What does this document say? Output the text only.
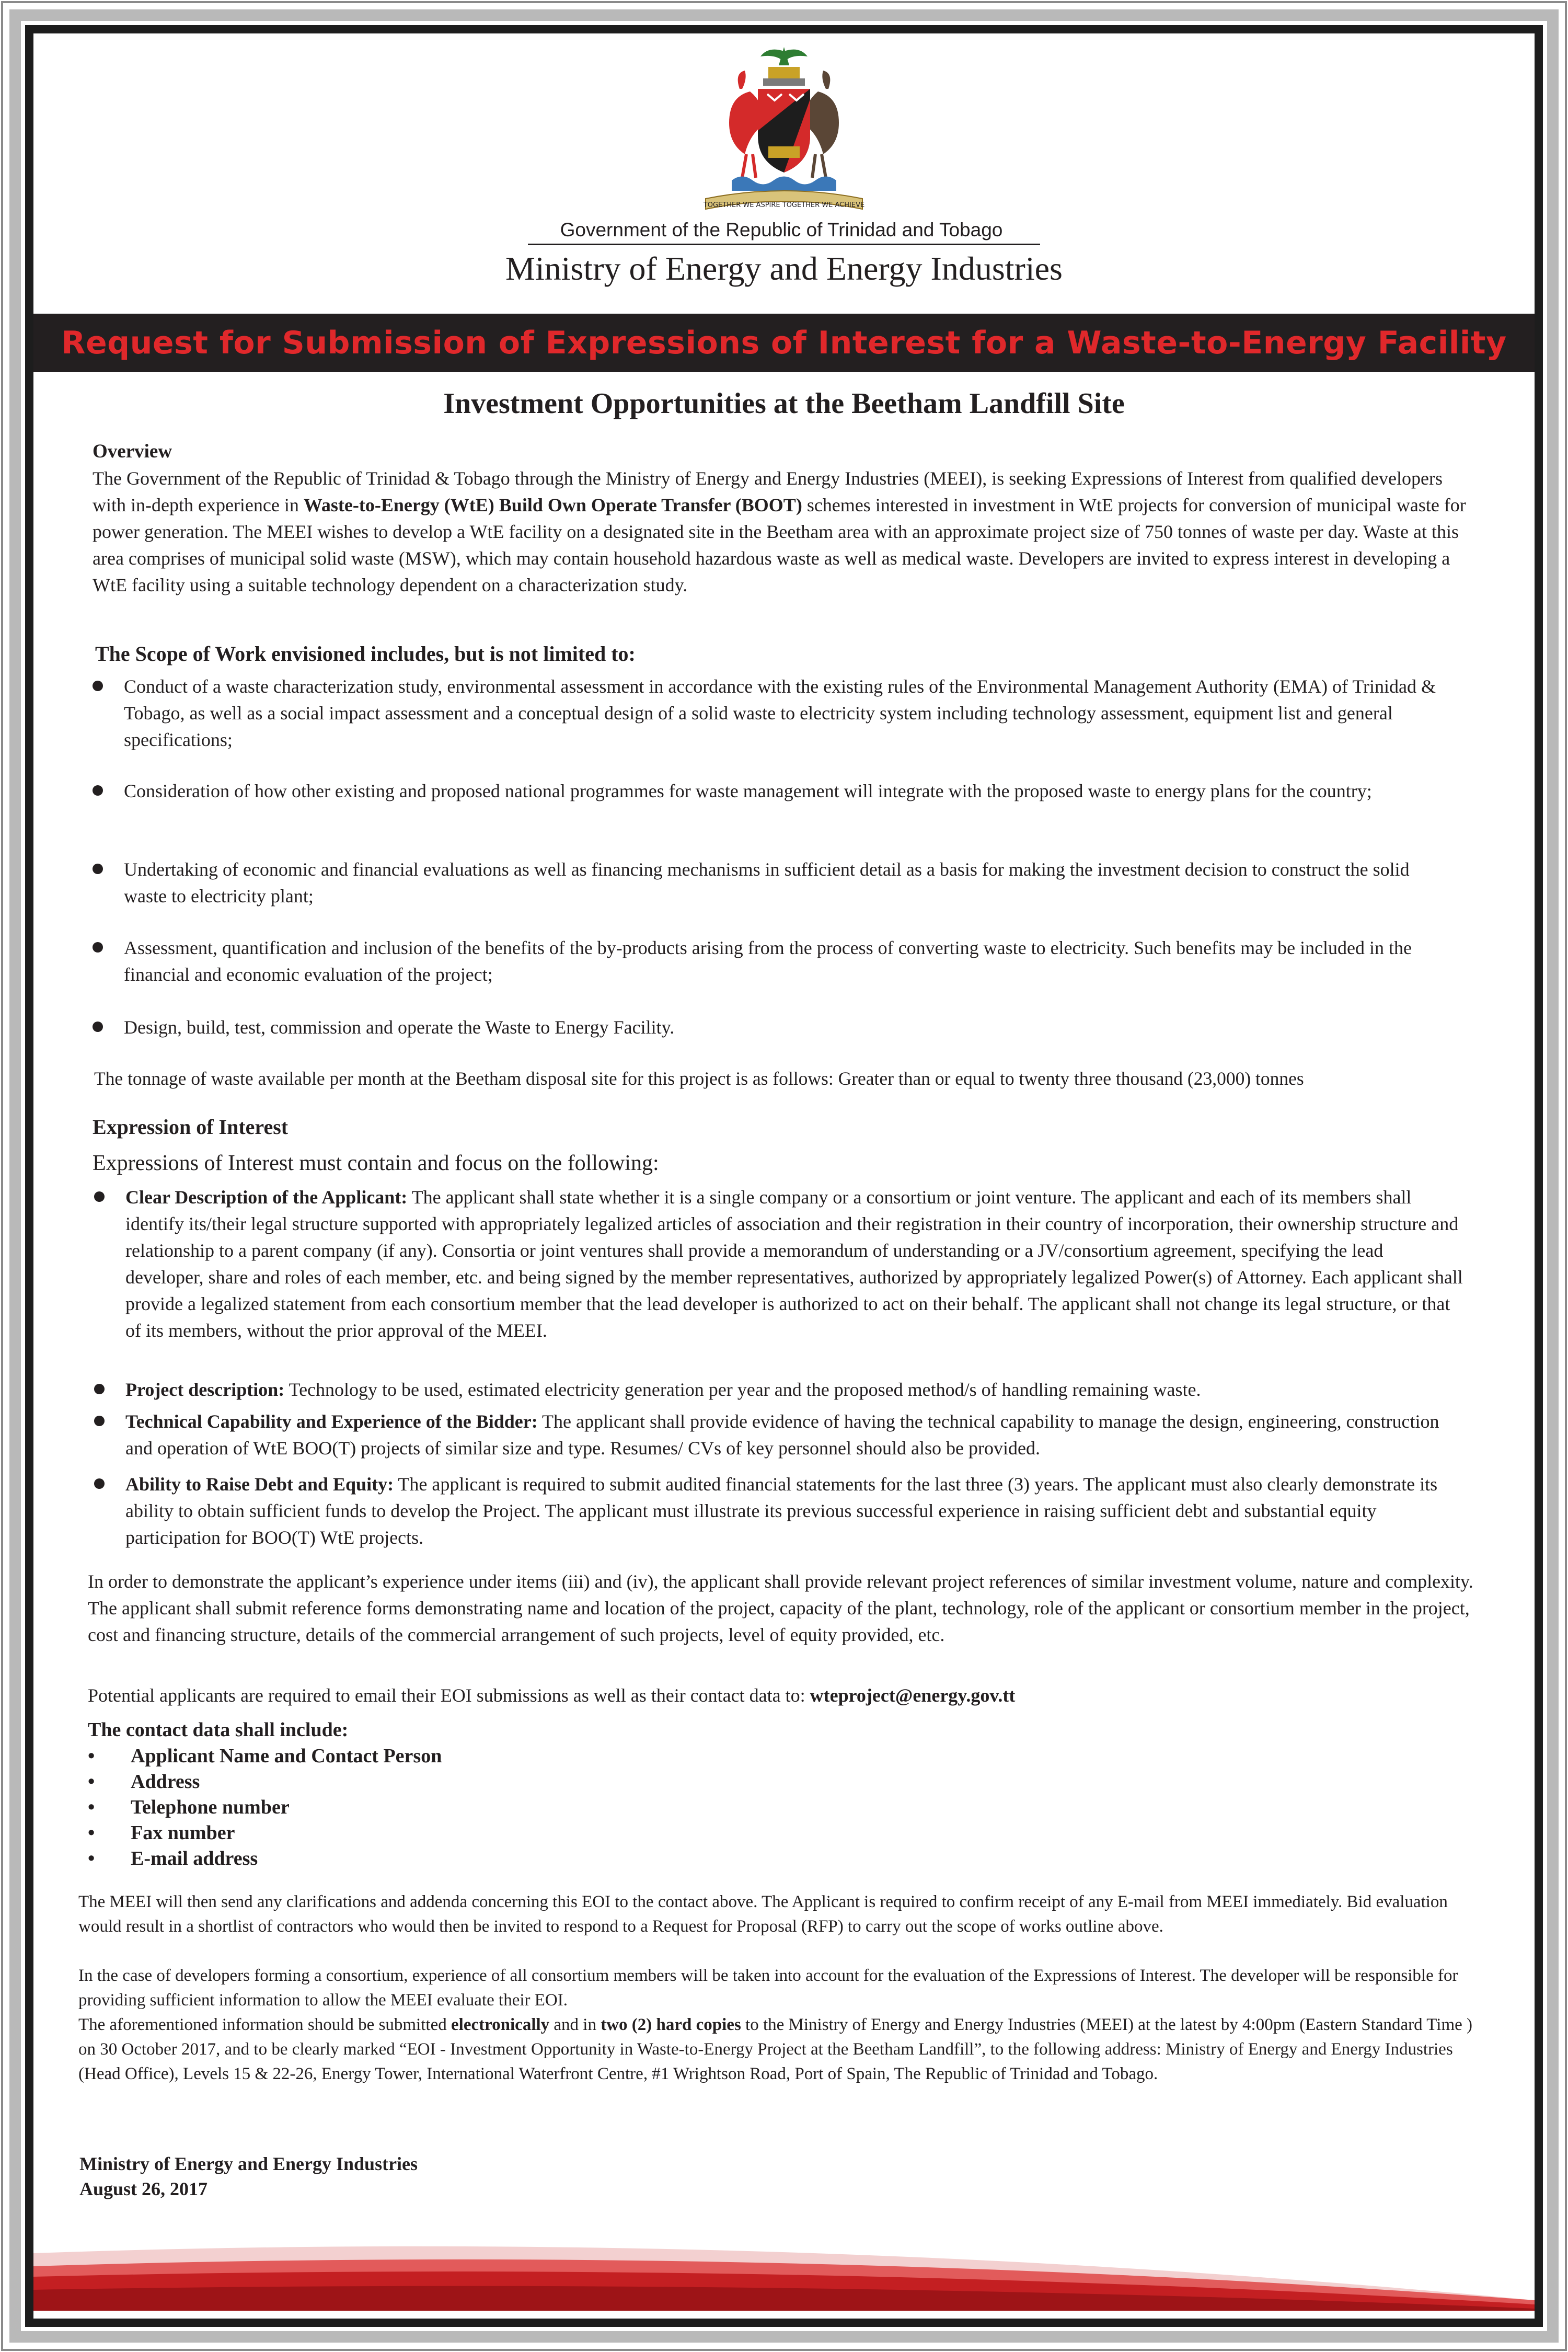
TOGETHER WE ASPIRE TOGETHER WE ACHIEVE
Government of the Republic of Trinidad and Tobago
Ministry of Energy and Energy Industries
Request for Submission of Expressions of Interest for a Waste-to-Energy Facility
Investment Opportunities at the Beetham Landfill Site
Overview
The Government of the Republic of Trinidad & Tobago through the Ministry of Energy and Energy Industries (MEEI), is seeking Expressions of Interest from qualified developers with in-depth experience in Waste-to-Energy (WtE) Build Own Operate Transfer (BOOT) schemes interested in investment in WtE projects for conversion of municipal waste for power generation. The MEEI wishes to develop a WtE facility on a designated site in the Beetham area with an approximate project size of 750 tonnes of waste per day. Waste at this area comprises of municipal solid waste (MSW), which may contain household hazardous waste as well as medical waste. Developers are invited to express interest in developing a WtE facility using a suitable technology dependent on a characterization study.
The Scope of Work envisioned includes, but is not limited to:
Conduct of a waste characterization study, environmental assessment in accordance with the existing rules of the Environmental Management Authority (EMA) of Trinidad & Tobago, as well as a social impact assessment and a conceptual design of a solid waste to electricity system including technology assessment, equipment list and general specifications;
Consideration of how other existing and proposed national programmes for waste management will integrate with the proposed waste to energy plans for the country;
Undertaking of economic and financial evaluations as well as financing mechanisms in sufficient detail as a basis for making the investment decision to construct the solid waste to electricity plant;
Assessment, quantification and inclusion of the benefits of the by-products arising from the process of converting waste to electricity. Such benefits may be included in the financial and economic evaluation of the project;
Design, build, test, commission and operate the Waste to Energy Facility.
The tonnage of waste available per month at the Beetham disposal site for this project is as follows: Greater than or equal to twenty three thousand (23,000) tonnes
Expression of Interest
Expressions of Interest must contain and focus on the following:
Clear Description of the Applicant: The applicant shall state whether it is a single company or a consortium or joint venture. The applicant and each of its members shall identify its/their legal structure supported with appropriately legalized articles of association and their registration in their country of incorporation, their ownership structure and relationship to a parent company (if any). Consortia or joint ventures shall provide a memorandum of understanding or a JV/consortium agreement, specifying the lead developer, share and roles of each member, etc. and being signed by the member representatives, authorized by appropriately legalized Power(s) of Attorney. Each applicant shall provide a legalized statement from each consortium member that the lead developer is authorized to act on their behalf. The applicant shall not change its legal structure, or that of its members, without the prior approval of the MEEI.
Project description: Technology to be used, estimated electricity generation per year and the proposed method/s of handling remaining waste.
Technical Capability and Experience of the Bidder: The applicant shall provide evidence of having the technical capability to manage the design, engineering, construction and operation of WtE BOO(T) projects of similar size and type. Resumes/ CVs of key personnel should also be provided.
Ability to Raise Debt and Equity: The applicant is required to submit audited financial statements for the last three (3) years. The applicant must also clearly demonstrate its ability to obtain sufficient funds to develop the Project. The applicant must illustrate its previous successful experience in raising sufficient debt and substantial equity participation for BOO(T) WtE projects.
In order to demonstrate the applicant’s experience under items (iii) and (iv), the applicant shall provide relevant project references of similar investment volume, nature and complexity. The applicant shall submit reference forms demonstrating name and location of the project, capacity of the plant, technology, role of the applicant or consortium member in the project, cost and financing structure, details of the commercial arrangement of such projects, level of equity provided, etc.
Potential applicants are required to email their EOI submissions as well as their contact data to: wteproject@energy.gov.tt
The contact data shall include:
• Applicant Name and Contact Person
• Address
• Telephone number
• Fax number
• E-mail address
The MEEI will then send any clarifications and addenda concerning this EOI to the contact above. The Applicant is required to confirm receipt of any E-mail from MEEI immediately. Bid evaluation would result in a shortlist of contractors who would then be invited to respond to a Request for Proposal (RFP) to carry out the scope of works outline above.
In the case of developers forming a consortium, experience of all consortium members will be taken into account for the evaluation of the Expressions of Interest. The developer will be responsible for providing sufficient information to allow the MEEI evaluate their EOI.
The aforementioned information should be submitted electronically and in two (2) hard copies to the Ministry of Energy and Energy Industries (MEEI) at the latest by 4:00pm (Eastern Standard Time ) on 30 October 2017, and to be clearly marked “EOI - Investment Opportunity in Waste-to-Energy Project at the Beetham Landfill”, to the following address: Ministry of Energy and Energy Industries (Head Office), Levels 15 & 22-26, Energy Tower, International Waterfront Centre, #1 Wrightson Road, Port of Spain, The Republic of Trinidad and Tobago.
Ministry of Energy and Energy Industries
August 26, 2017
